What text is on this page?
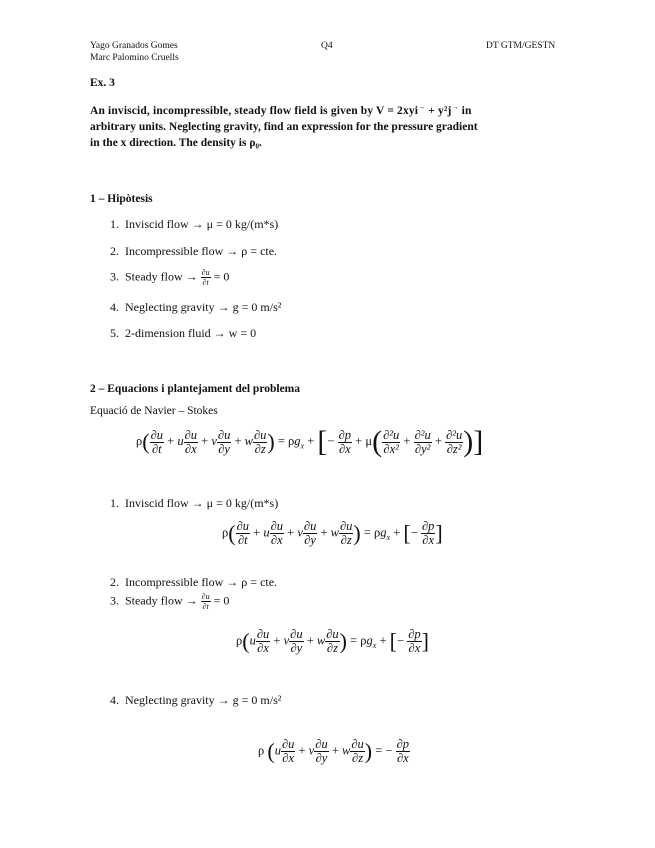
Yago Granados Gomes
Marc Palomino Cruells
Q4	DT GTM/GESTN
Ex. 3
An inviscid, incompressible, steady flow field is given by V = 2xyi→ + y²j→ in
arbitrary units. Neglecting gravity, find an expression for the pressure gradient
in the x direction. The density is ρ₀.
1 – Hipòtesis
1. Inviscid flow → μ = 0 kg/(m*s)
2. Incompressible flow → ρ = cte.
3. Steady flow → $\frac{\partial u}{\partial t} = 0$
4. Neglecting gravity → g = 0 m/s²
5. 2-dimension fluid → w = 0
2 – Equacions i plantejament del problema
Equació de Navier – Stokes
$\rho( \frac{\partial u}{\partial t} + u \frac{\partial u}{\partial x} + v \frac{\partial u}{\partial y} + w \frac{\partial u}{\partial z}$ ) = $\rho g_x$ + [− $\frac{\partial p}{\partial x} + \mu( \frac{\text{∂²u}}{\text{∂x²}} + \frac{\text{∂²u}}{\text{∂y²}} + \frac{\text{∂²u}}{\text{∂z²}}$ )]
1. Inviscid flow → μ = 0 kg/(m*s)
$\rho( \frac{\partial u}{\partial t} + u \frac{\partial u}{\partial x} + v \frac{\partial u}{\partial y} + w \frac{\partial u}{\partial z}$ ) = $\rho g_x$ + [− $\frac{\partial p}{\partial x}$ ]
2. Incompressible flow → ρ = cte.
3. Steady flow → $\frac{\partial u}{\partial t} = 0$
$\rho(u \frac{\partial u}{\partial x} + v \frac{\partial u}{\partial y} + w \frac{\partial u}{\partial z}$ ) = $\rho g_x$ + [− $\frac{\partial p}{\partial x}$ ]
4. Neglecting gravity → g = 0 m/s²
ρ ($u \frac{\partial u}{\partial x} + v \frac{\partial u}{\partial y} + w \frac{\partial u}{\partial z}$ ) = − $\frac{\partial p}{\partial x}$
